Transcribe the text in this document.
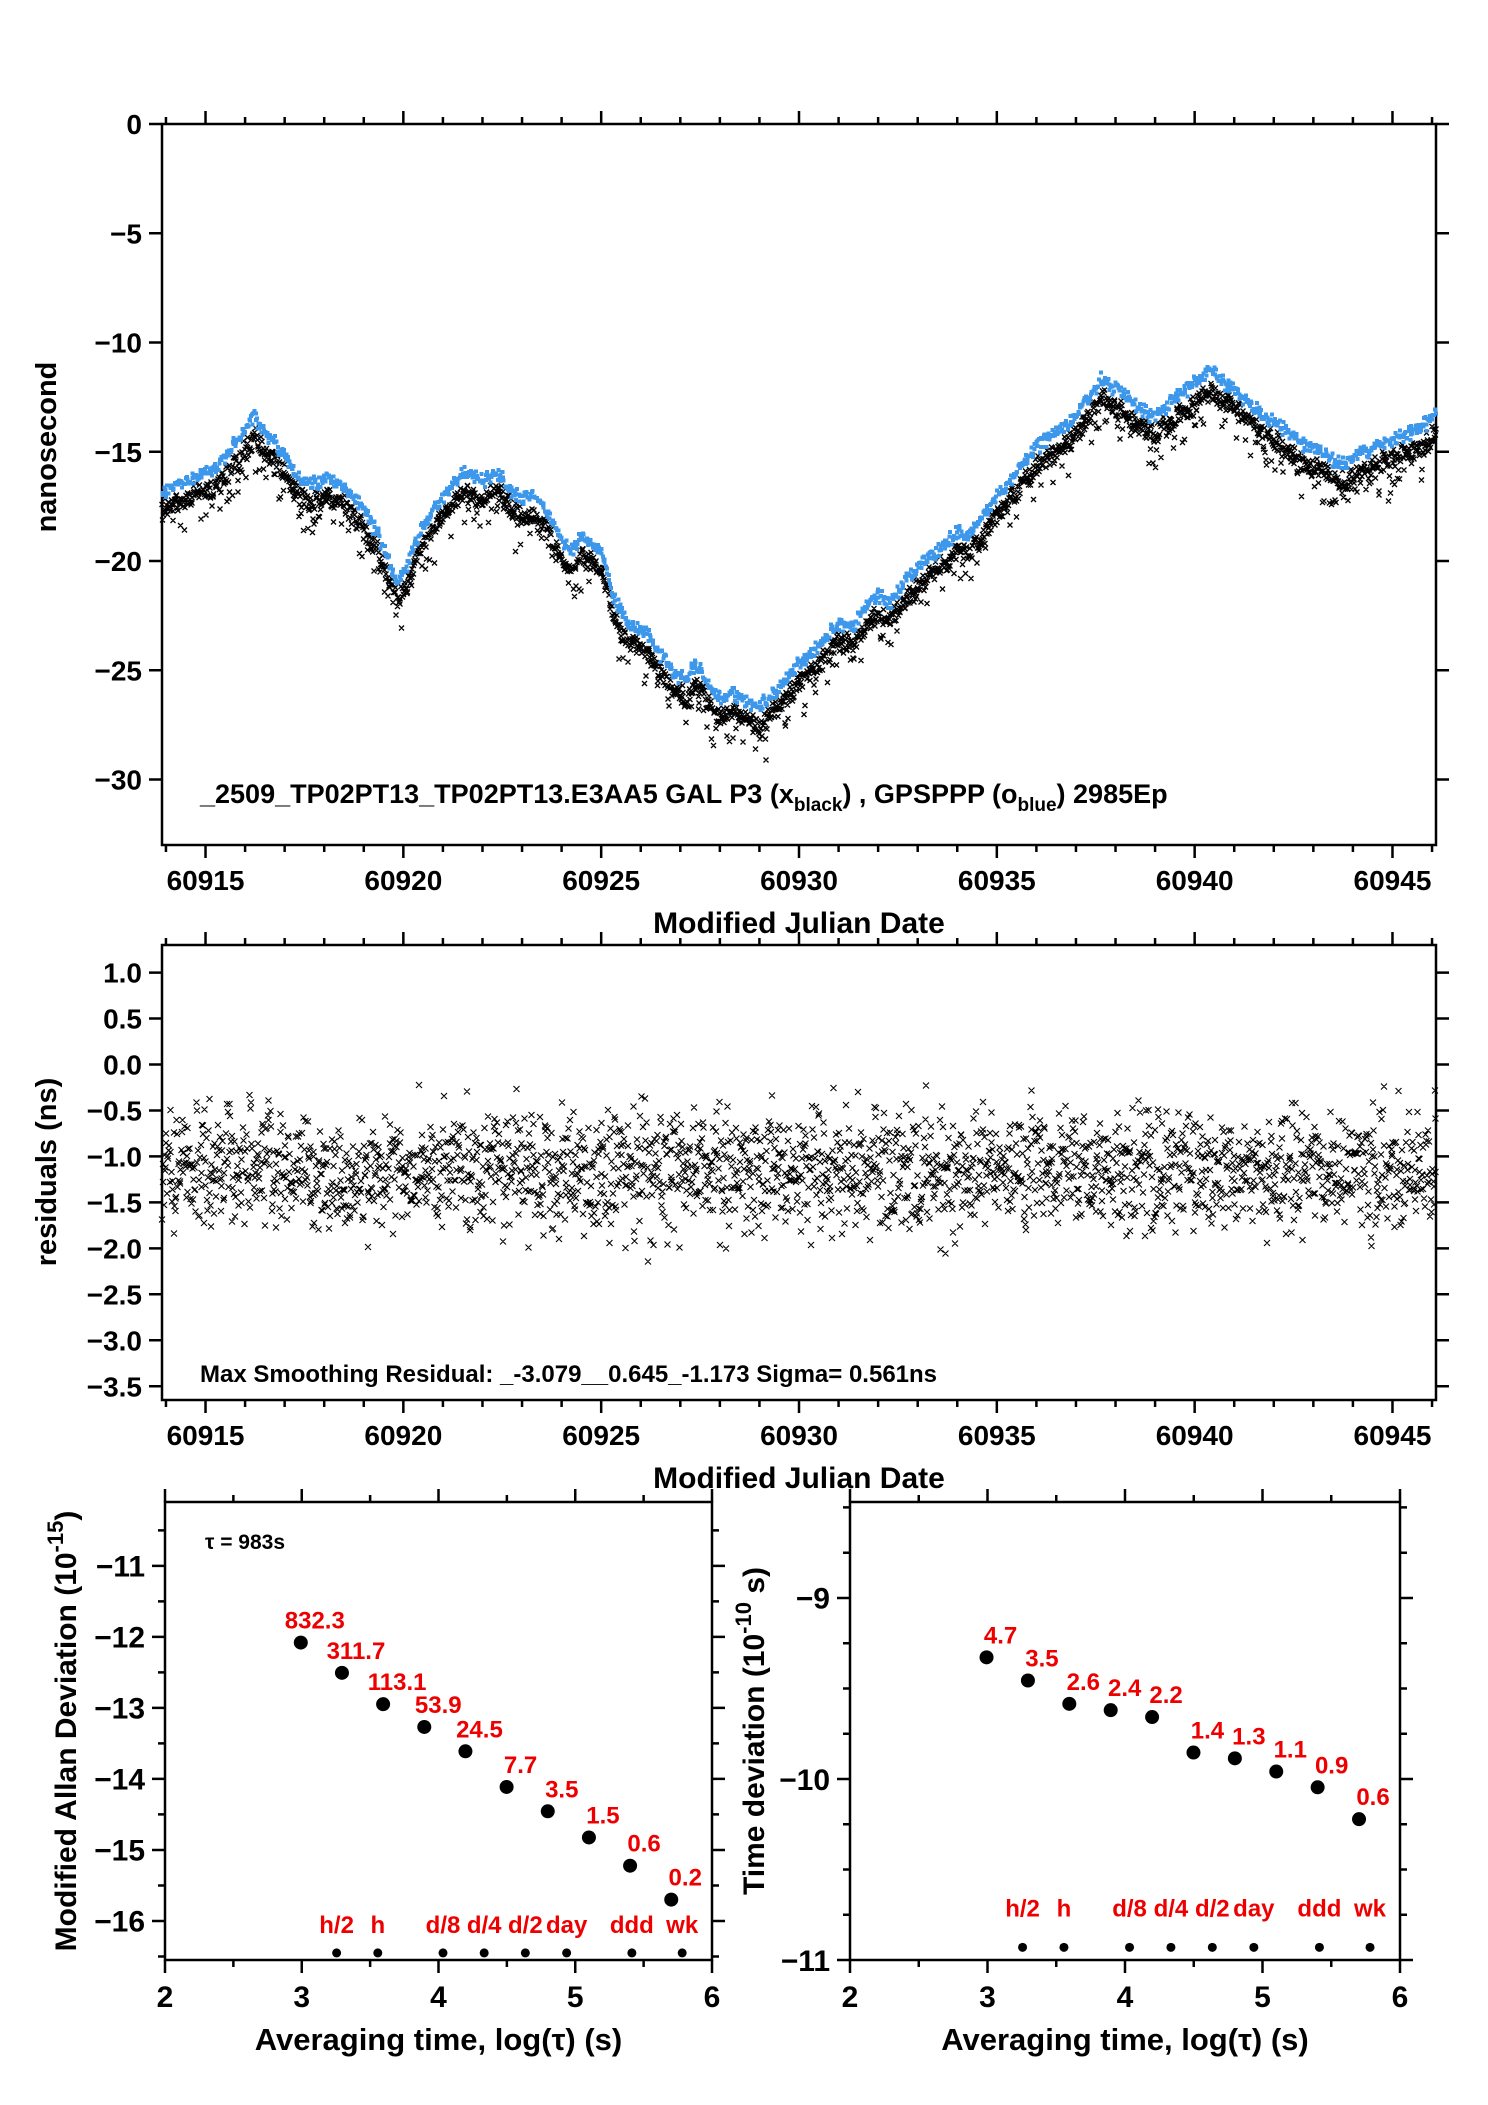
60915	60920	60925	60930	60935	60940	60945
0
−5
−10
−15
−20
−25
−30
Modified Julian Date
nanosecond
_2509_TP02PT13_TP02PT13.E3AA5 GAL P3 $(x_{black})$ , GPSPPP $(o_{blue})$ 2985Ep
60915	60920	60925	60930	60935	60940	60945
1.0
0.5
0.0
−0.5
−1.0
−1.5
−2.0
−2.5
−3.0
−3.5
Modified Julian Date
residuals (ns)
Max Smoothing Residual: _-3.079__0.645_-1.173 Sigma= 0.561ns
2	3	4	5	6
−11
−12
−13
−14
−15
−16
Averaging time, log(τ) (s)
Modified Allan Deviation $(10^{-15})$
τ = 983s
832.3
311.7
113.1
53.9
24.5
7.7
3.5
1.5
0.6
0.2
h/2 h d/8 d/4 d/2 day ddd wk
2	3	4	5	6
−9
−10
−11
Averaging time, log(τ) (s)
Time deviation ($10^{-10}$ s)
4.7
3.5
2.6 2.4 2.2
1.4 1.3 1.1
0.9
0.6
h/2 h d/8 d/4 d/2 day ddd wk
